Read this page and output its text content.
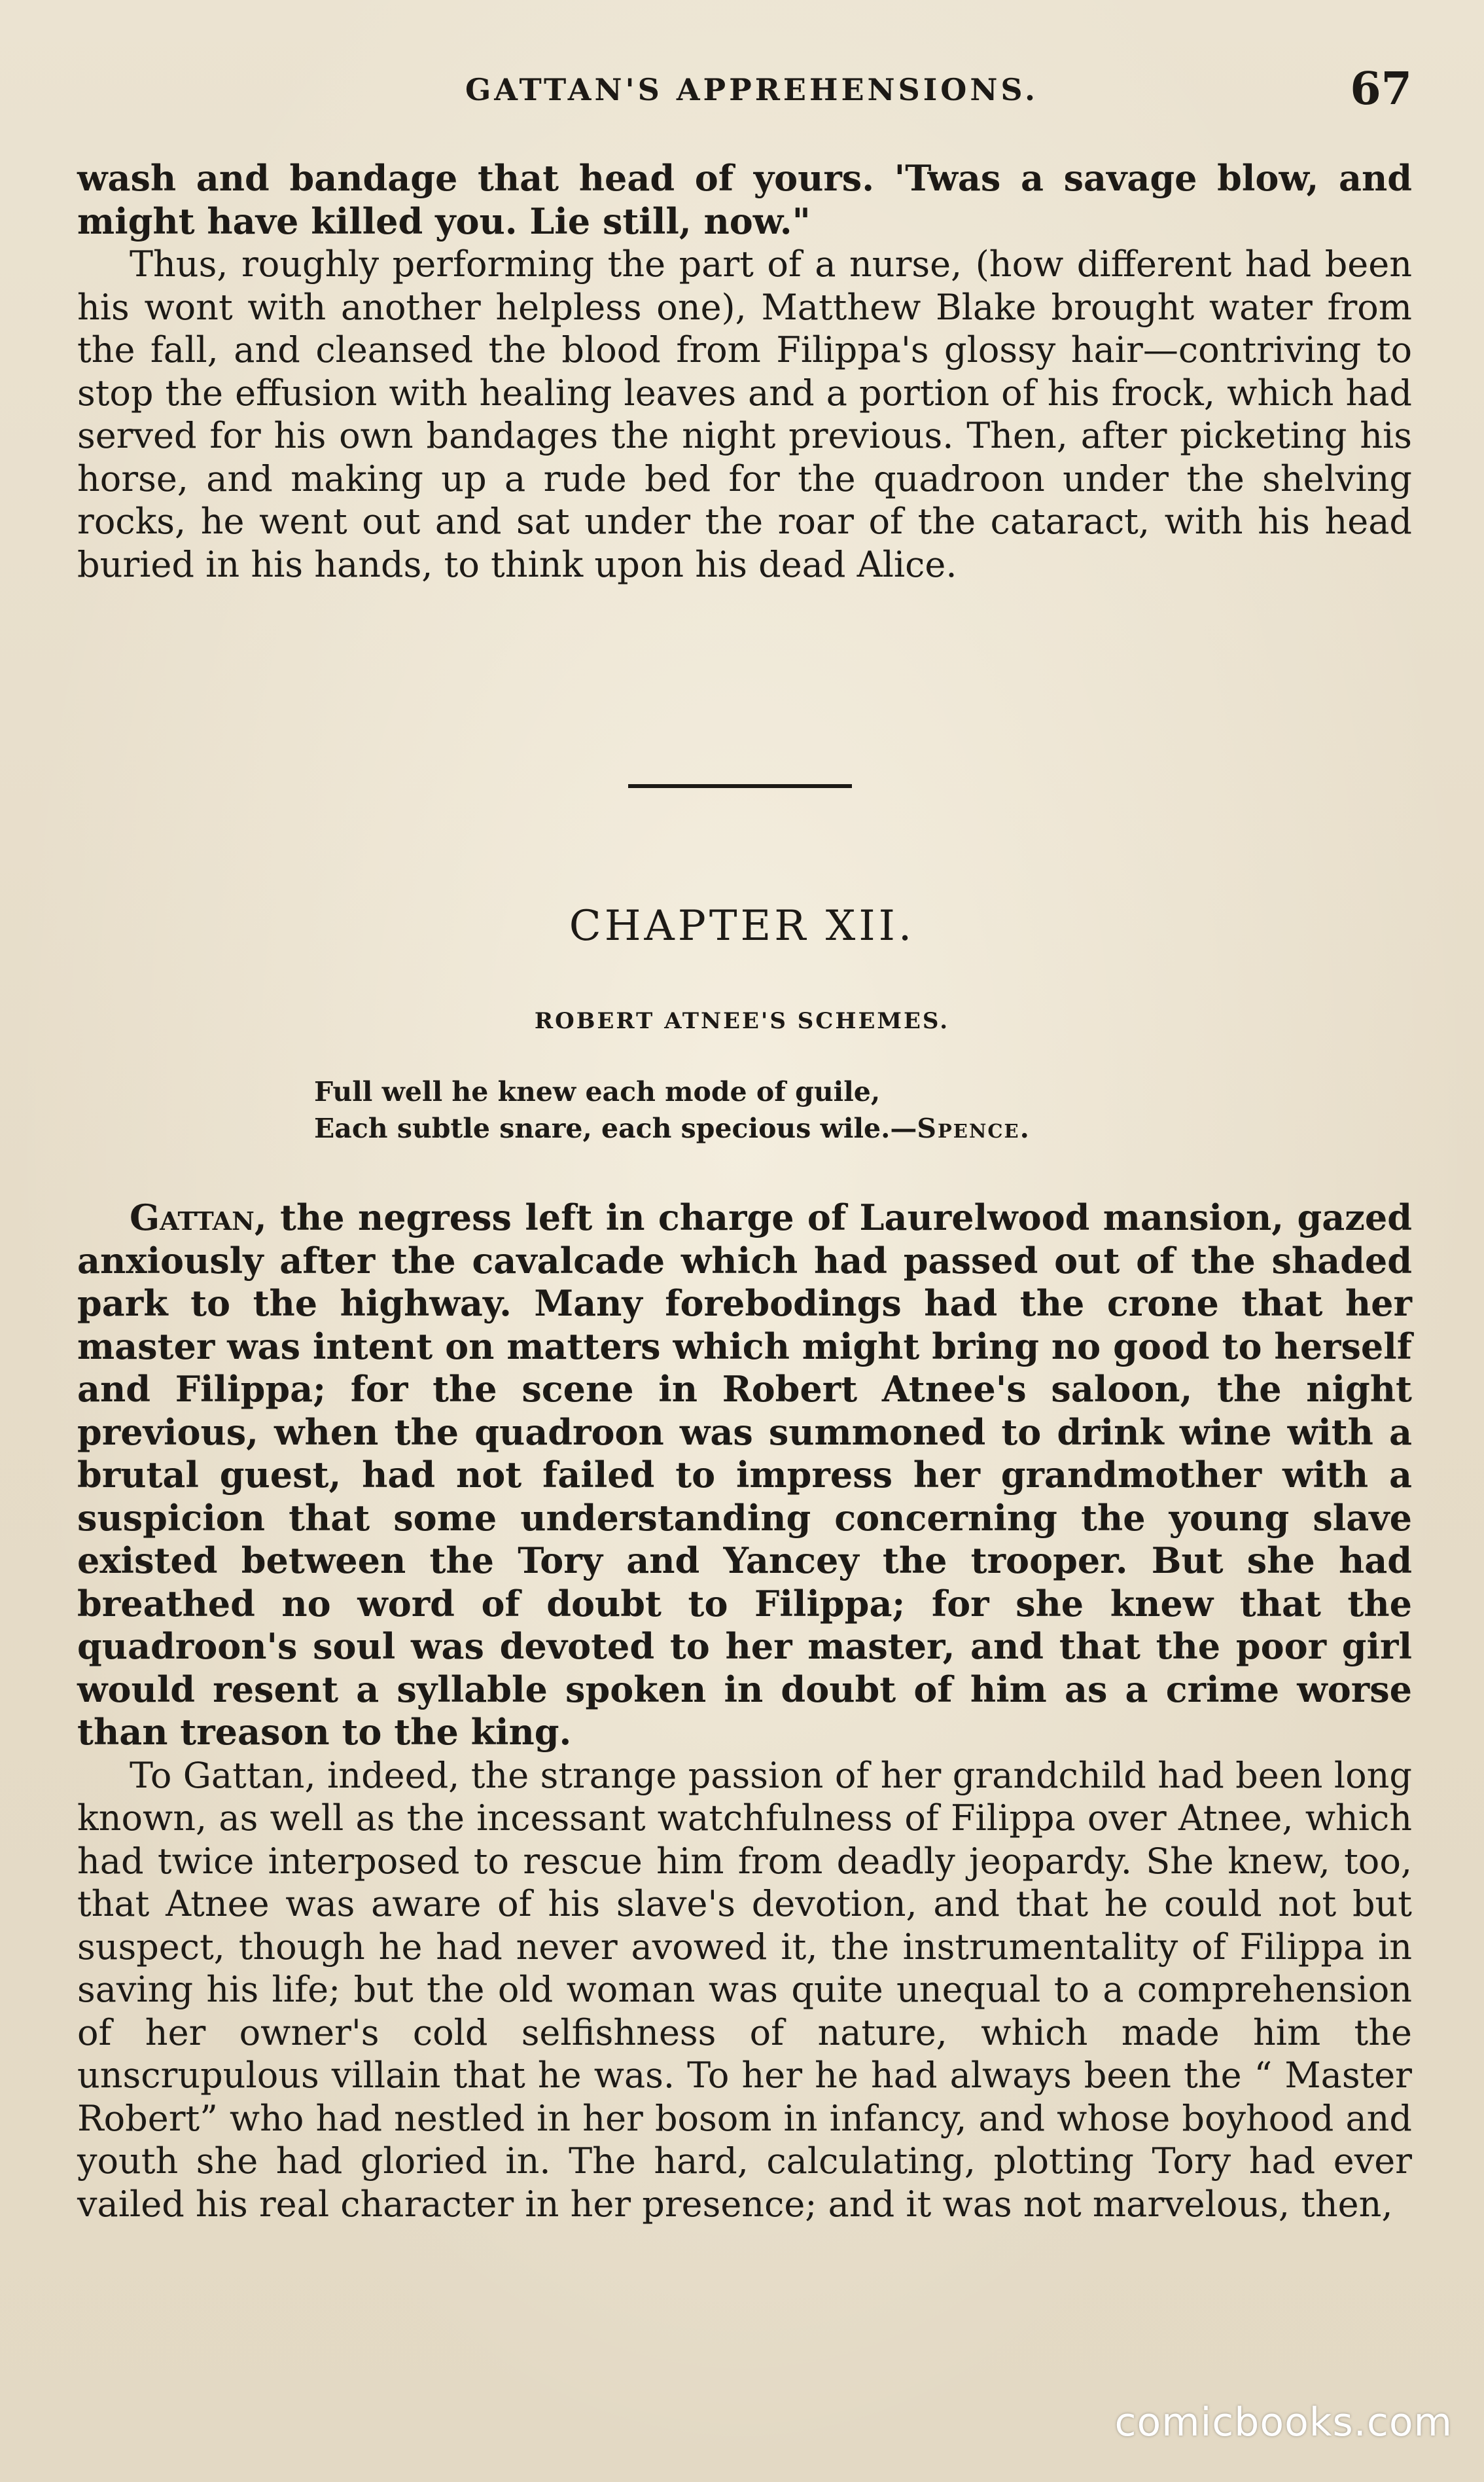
GATTAN'S APPREHENSIONS.	67

wash and bandage that head of yours. 'Twas a savage blow, and might have killed you. Lie still, now."

Thus, roughly performing the part of a nurse, (how different had been his wont with another helpless one), Matthew Blake brought water from the fall, and cleansed the blood from Filippa's glossy hair—contriving to stop the effusion with healing leaves and a portion of his frock, which had served for his own bandages the night previous. Then, after picketing his horse, and making up a rude bed for the quadroon under the shelving rocks, he went out and sat under the roar of the cataract, with his head buried in his hands, to think upon his dead Alice.

CHAPTER XII.
ROBERT ATNEE'S SCHEMES.
Full well he knew each mode of guile,
Each subtle snare, each specious wile.—Spence.

Gattan, the negress left in charge of Laurelwood mansion, gazed anxiously after the cavalcade which had passed out of the shaded park to the highway. Many forebodings had the crone that her master was intent on matters which might bring no good to herself and Filippa; for the scene in Robert Atnee's saloon, the night previous, when the quadroon was summoned to drink wine with a brutal guest, had not failed to impress her grandmother with a suspicion that some understanding concerning the young slave existed between the Tory and Yancey the trooper. But she had breathed no word of doubt to Filippa; for she knew that the quadroon's soul was devoted to her master, and that the poor girl would resent a syllable spoken in doubt of him as a crime worse than treason to the king.

To Gattan, indeed, the strange passion of her grandchild had been long known, as well as the incessant watchfulness of Filippa over Atnee, which had twice interposed to rescue him from deadly jeopardy. She knew, too, that Atnee was aware of his slave's devotion, and that he could not but suspect, though he had never avowed it, the instrumentality of Filippa in saving his life; but the old woman was quite unequal to a comprehension of her owner's cold selfishness of nature, which made him the unscrupulous villain that he was. To her he had always been the “ Master Robert” who had nestled in her bosom in infancy, and whose boyhood and youth she had gloried in. The hard, calculating, plotting Tory had ever vailed his real character in her presence; and it was not marvelous, then,

comicbooks.com
